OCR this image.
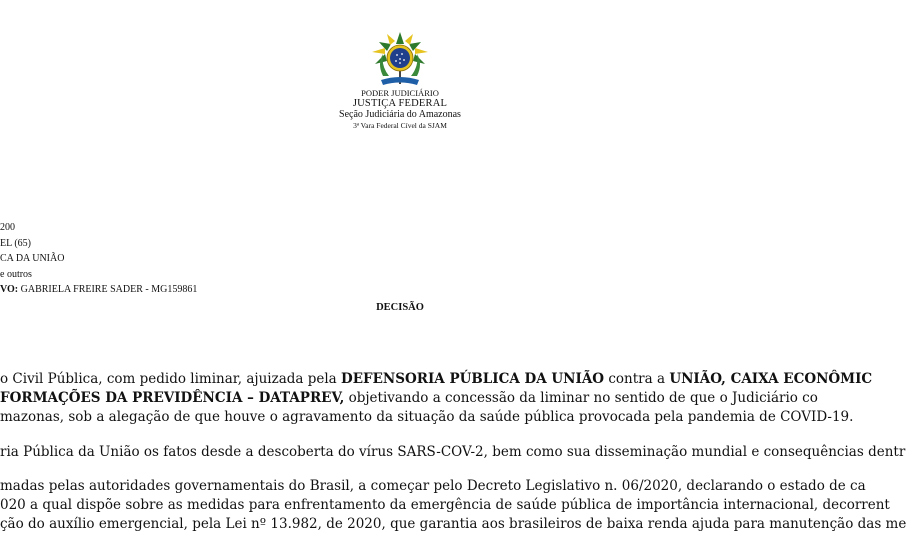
PODER JUDICIÁRIO
JUSTIÇA FEDERAL
Seção Judiciária do Amazonas
3ª Vara Federal Cível da SJAM
200
EL (65)
CA DA UNIÃO
e outros
VO: GABRIELA FREIRE SADER - MG159861
DECISÃO
o Civil Pública, com pedido liminar, ajuizada pela DEFENSORIA PÚBLICA DA UNIÃO contra a UNIÃO, CAIXA ECONÔMIC
FORMAÇÕES DA PREVIDÊNCIA – DATAPREV, objetivando a concessão da liminar no sentido de que o Judiciário co
mazonas, sob a alegação de que houve o agravamento da situação da saúde pública provocada pela pandemia de COVID-19.
ria Pública da União os fatos desde a descoberta do vírus SARS-COV-2, bem como sua disseminação mundial e consequências dentr
madas pelas autoridades governamentais do Brasil, a começar pelo Decreto Legislativo n. 06/2020, declarando o estado de ca
020 a qual dispõe sobre as medidas para enfrentamento da emergência de saúde pública de importância internacional, decorrent
ção do auxílio emergencial, pela Lei nº 13.982, de 2020, que garantia aos brasileiros de baixa renda ajuda para manutenção das me
